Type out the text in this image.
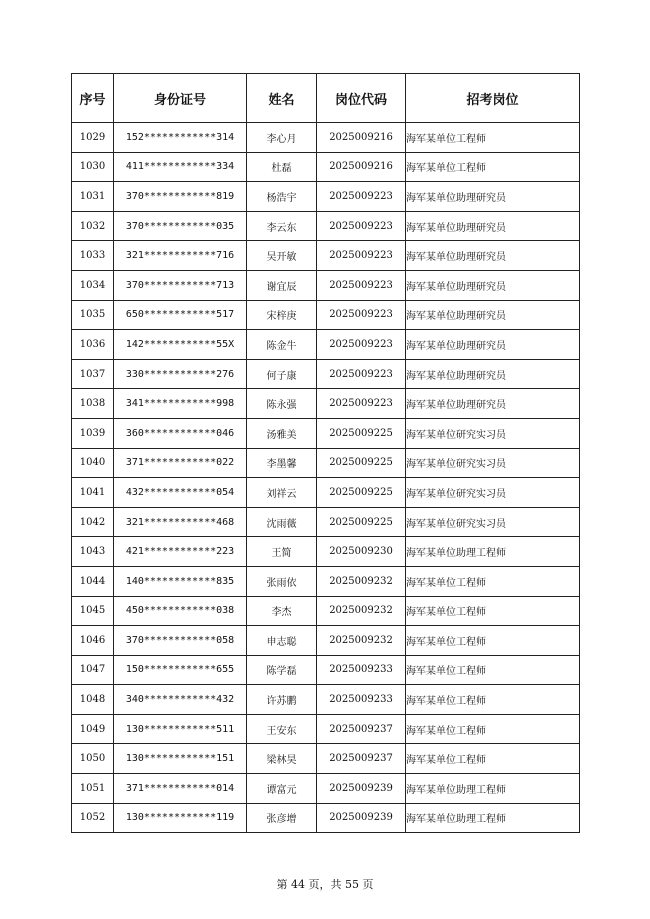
序号	身份证号	姓名	岗位代码	招考岗位
1029	152************314	李心月	2025009216	海军某单位工程师
1030	411************334	杜磊	2025009216	海军某单位工程师
1031	370************819	杨浩宇	2025009223	海军某单位助理研究员
1032	370************035	李云东	2025009223	海军某单位助理研究员
1033	321************716	吴开敏	2025009223	海军某单位助理研究员
1034	370************713	谢宜辰	2025009223	海军某单位助理研究员
1035	650************517	宋梓庚	2025009223	海军某单位助理研究员
1036	142************55X	陈金牛	2025009223	海军某单位助理研究员
1037	330************276	何子康	2025009223	海军某单位助理研究员
1038	341************998	陈永强	2025009223	海军某单位助理研究员
1039	360************046	汤雅美	2025009225	海军某单位研究实习员
1040	371************022	李墨馨	2025009225	海军某单位研究实习员
1041	432************054	刘祥云	2025009225	海军某单位研究实习员
1042	321************468	沈雨薇	2025009225	海军某单位研究实习员
1043	421************223	王简	2025009230	海军某单位助理工程师
1044	140************835	张雨依	2025009232	海军某单位工程师
1045	450************038	李杰	2025009232	海军某单位工程师
1046	370************058	申志聪	2025009232	海军某单位工程师
1047	150************655	陈学磊	2025009233	海军某单位工程师
1048	340************432	许苏鹏	2025009233	海军某单位工程师
1049	130************511	王安东	2025009237	海军某单位工程师
1050	130************151	梁林昊	2025009237	海军某单位工程师
1051	371************014	谭富元	2025009239	海军某单位助理工程师
1052	130************119	张彦增	2025009239	海军某单位助理工程师
第 44 页，共 55 页
